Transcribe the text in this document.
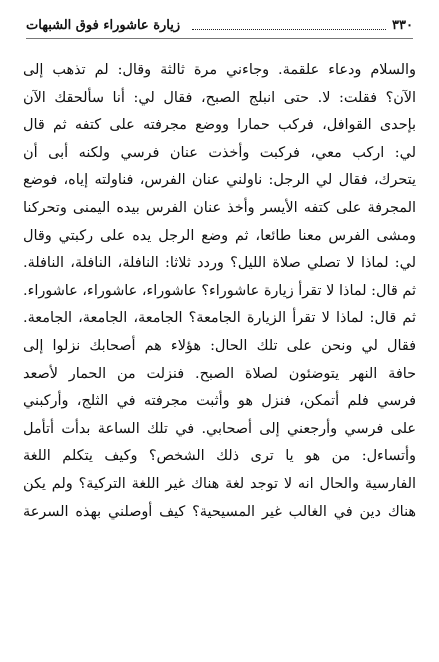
٣٣٠
زيارة عاشوراء فوق الشبهات
والسلام ودعاء علقمة. وجاءني مرة ثالثة وقال: لم تذهب إلى
الآن؟ فقلت: لا. حتى انبلج الصبح، فقال لي: أنا سألحقك الآن
بإحدى القوافل، فركب حمارا ووضع مجرفته على كتفه ثم قال
لي: اركب معي، فركبت وأخذت عنان فرسي ولكنه أبى أن
يتحرك، فقال لي الرجل: ناولني عنان الفرس، فناولته إياه، فوضع
المجرفة على كتفه الأيسر وأخذ عنان الفرس بيده اليمنى وتحركنا
ومشى الفرس معنا طائعا، ثم وضع الرجل يده على ركبتي وقال
لي: لماذا لا تصلي صلاة الليل؟ وردد ثلاثا: النافلة، النافلة، النافلة.
ثم قال: لماذا لا تقرأ زيارة عاشوراء؟ عاشوراء، عاشوراء، عاشوراء.
ثم قال: لماذا لا تقرأ الزيارة الجامعة؟ الجامعة، الجامعة، الجامعة.
فقال لي ونحن على تلك الحال: هؤلاء هم أصحابك نزلوا إلى
حافة النهر يتوضئون لصلاة الصبح. فنزلت من الحمار لأصعد
فرسي فلم أتمكن، فنزل هو وأثبت مجرفته في الثلج، وأركبني
على فرسي وأرجعني إلى أصحابي. في تلك الساعة بدأت أتأمل
وأتساءل: من هو يا ترى ذلك الشخص؟ وكيف يتكلم اللغة
الفارسية والحال انه لا توجد لغة هناك غير اللغة التركية؟ ولم يكن
هناك دين في الغالب غير المسيحية؟ كيف أوصلني بهذه السرعة
